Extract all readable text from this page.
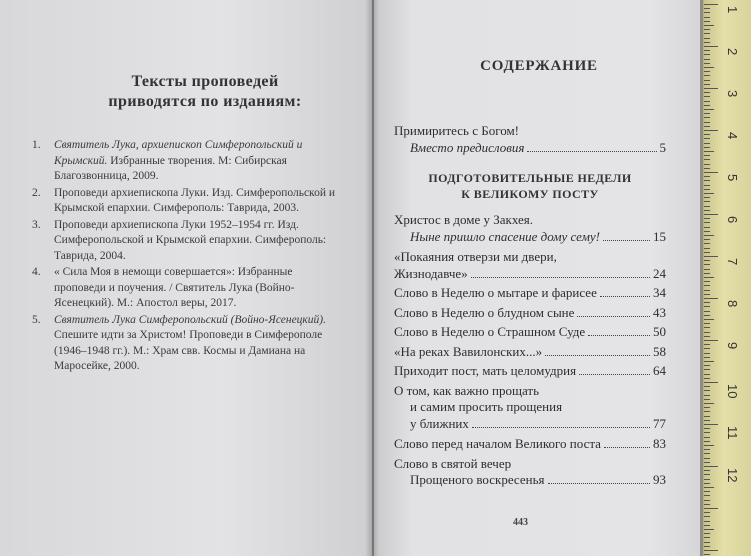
Тексты проповедей
приводятся по изданиям:
1. Святитель Лука, архиепископ Симферопольский и Крымский. Избранные творения. М: Сибирская Благозвонница, 2009.
2. Проповеди архиепископа Луки. Изд. Симферопольской и Крымской епархии. Симферополь: Таврида, 2003.
3. Проповеди архиепископа Луки 1952–1954 гг. Изд. Симферопольской и Крымской епархии. Симферополь: Таврида, 2004.
4. « Сила Моя в немощи совершается»: Избранные проповеди и поучения. / Святитель Лука (Войно-Ясенецкий). М.: Апостол веры, 2017.
5. Святитель Лука Симферопольский (Войно-Ясенецкий). Спешите идти за Христом! Проповеди в Симферополе (1946–1948 гг.). М.: Храм свв. Космы и Дамиана на Маросейке, 2000.
СОДЕРЖАНИЕ
Примиритесь с Богом!
Вместо предисловия	5
ПОДГОТОВИТЕЛЬНЫЕ НЕДЕЛИ
К ВЕЛИКОМУ ПОСТУ
Христос в доме у Закхея.
Ныне пришло спасение дому сему!	15
«Покаяния отверзи ми двери,
Жизнодавче»	24
Слово в Неделю о мытаре и фарисее	34
Слово в Неделю о блудном сыне	43
Слово в Неделю о Страшном Суде	50
«На реках Вавилонских...»	58
Приходит пост, мать целомудрия	64
О том, как важно прощать
и самим просить прощения
у ближних	77
Слово перед началом Великого поста	83
Слово в святой вечер
Прощеного воскресенья	93
443
1
2
3
4
5
6
7
8
9
10
11
12
